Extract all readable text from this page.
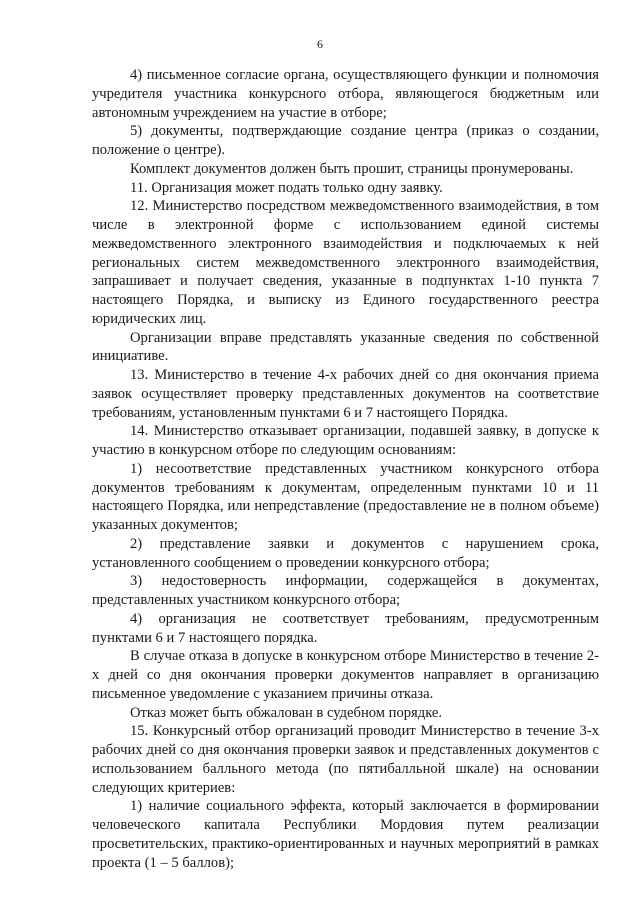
6

4) письменное согласие органа, осуществляющего функции и полномочия учредителя участника конкурсного отбора, являющегося бюджетным или автономным учреждением на участие в отборе;

5) документы, подтверждающие создание центра (приказ о создании, положение о центре).

Комплект документов должен быть прошит, страницы пронумерованы.

11. Организация может подать только одну заявку.

12. Министерство посредством межведомственного взаимодействия, в том числе в электронной форме с использованием единой системы межведомственного электронного взаимодействия и подключаемых к ней региональных систем межведомственного электронного взаимодействия, запрашивает и получает сведения, указанные в подпунктах 1-10 пункта 7 настоящего Порядка, и выписку из Единого государственного реестра юридических лиц.

Организации вправе представлять указанные сведения по собственной инициативе.

13. Министерство в течение 4-х рабочих дней со дня окончания приема заявок осуществляет проверку представленных документов на соответствие требованиям, установленным пунктами 6 и 7 настоящего Порядка.

14. Министерство отказывает организации, подавшей заявку, в допуске к участию в конкурсном отборе по следующим основаниям:

1) несоответствие представленных участником конкурсного отбора документов требованиям к документам, определенным пунктами 10 и 11 настоящего Порядка, или непредставление (предоставление не в полном объеме) указанных документов;

2) представление заявки и документов с нарушением срока, установленного сообщением о проведении конкурсного отбора;

3) недостоверность информации, содержащейся в документах, представленных участником конкурсного отбора;

4) организация не соответствует требованиям, предусмотренным пунктами 6 и 7 настоящего порядка.

В случае отказа в допуске в конкурсном отборе Министерство в течение 2-х дней со дня окончания проверки документов направляет в организацию письменное уведомление с указанием причины отказа.

Отказ может быть обжалован в судебном порядке.

15. Конкурсный отбор организаций проводит Министерство в течение 3-х рабочих дней со дня окончания проверки заявок и представленных документов с использованием балльного метода (по пятибалльной шкале) на основании следующих критериев:

1) наличие социального эффекта, который заключается в формировании человеческого капитала Республики Мордовия путем реализации просветительских, практико-ориентированных и научных мероприятий в рамках проекта (1 – 5 баллов);
